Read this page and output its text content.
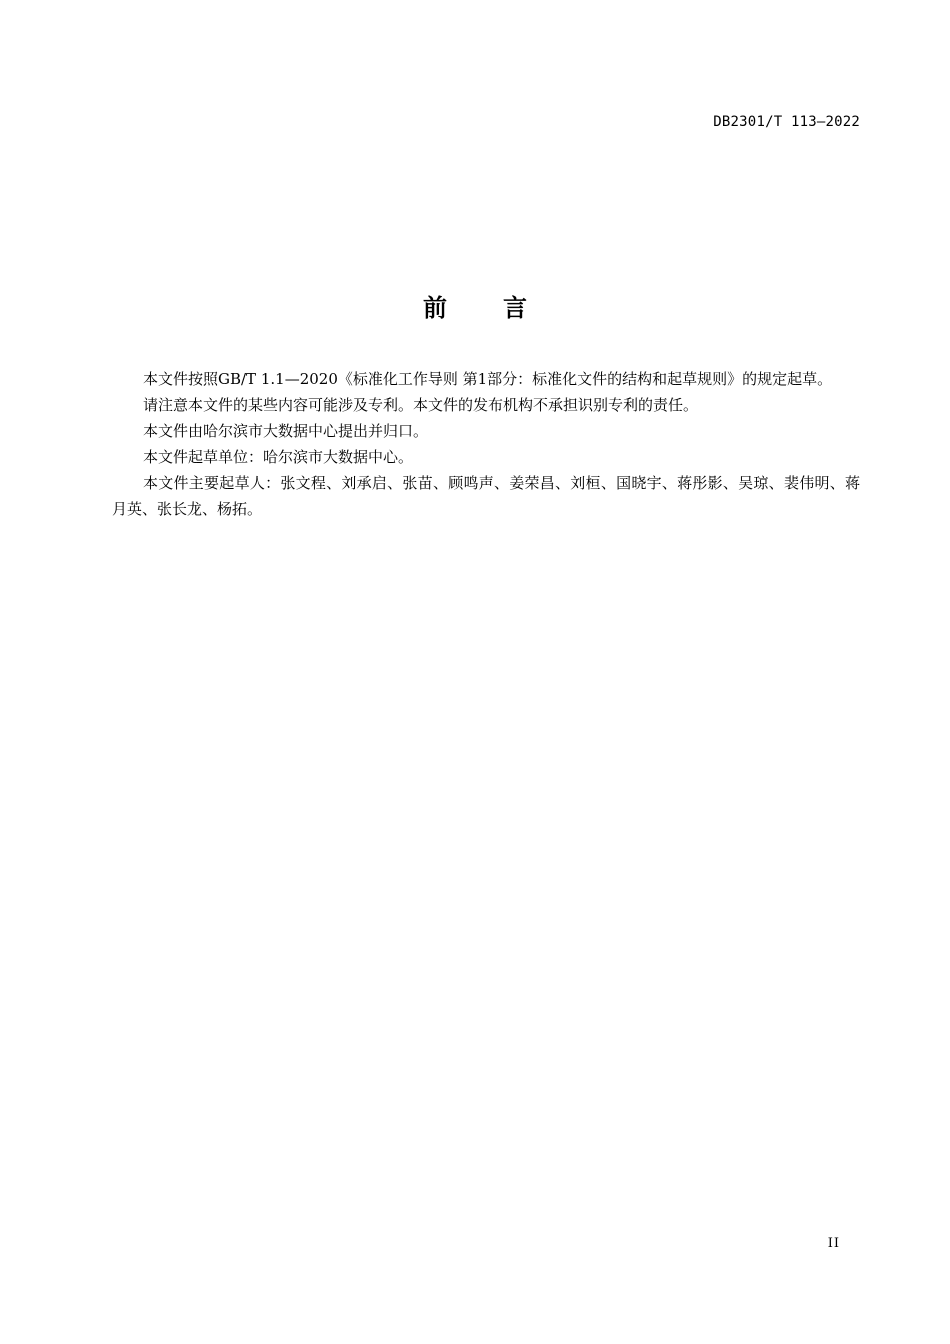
DB2301/T 113—2022
前言

本文件按照GB/T 1.1—2020《标准化工作导则 第1部分：标准化文件的结构和起草规则》的规定起草。

请注意本文件的某些内容可能涉及专利。本文件的发布机构不承担识别专利的责任。

本文件由哈尔滨市大数据中心提出并归口。

本文件起草单位：哈尔滨市大数据中心。

本文件主要起草人：张文程、刘承启、张苗、顾鸣声、姜荣昌、刘桓、国晓宇、蒋彤影、吴琼、裴伟明、蒋月英、张长龙、杨拓。

II
